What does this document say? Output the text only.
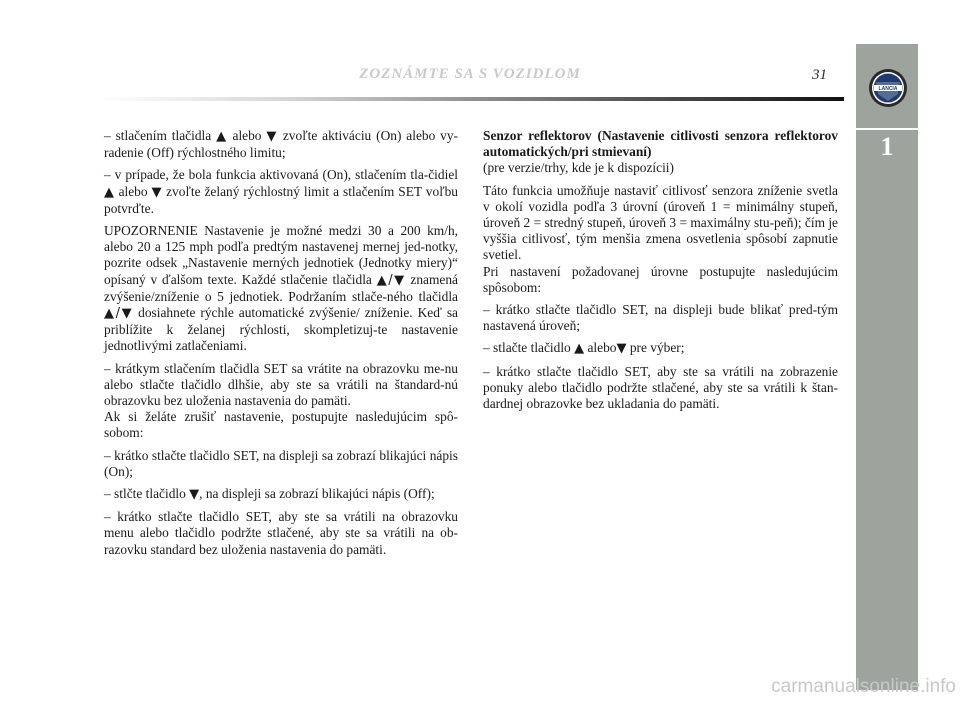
ZOZNÁMTE SA S VOZIDLOM	31
LANCIA
1

– stlačením tlačidla ▲ alebo ▼ zvoľte aktiváciu (On) alebo vy-radenie (Off) rýchlostného limitu;

– v prípade, že bola funkcia aktivovaná (On), stlačením tla-čidiel ▲ alebo ▼ zvoľte želaný rýchlostný limit a stlačením SET voľbu potvrďte.

UPOZORNENIE Nastavenie je možné medzi 30 a 200 km/h, alebo 20 a 125 mph podľa predtým nastavenej mernej jed-notky, pozrite odsek „Nastavenie merných jednotiek (Jednotky miery)“ opísaný v ďalšom texte. Každé stlačenie tlačidla ▲/▼ znamená zvýšenie/zníženie o 5 jednotiek. Podržaním stlače-ného tlačidla ▲/▼ dosiahnete rýchle automatické zvýšenie/ zníženie. Keď sa priblížite k želanej rýchlosti, skompletizuj-te nastavenie jednotlivými zatlačeniami.

– krátkym stlačením tlačidla SET sa vrátite na obrazovku me-nu alebo stlačte tlačidlo dlhšie, aby ste sa vrátili na štandard-nú obrazovku bez uloženia nastavenia do pamäti.

Ak si želáte zrušiť nastavenie, postupujte nasledujúcim spô-sobom:

– krátko stlačte tlačidlo SET, na displeji sa zobrazí blikajúci nápis (On);

– stlčte tlačidlo ▼, na displeji sa zobrazí blikajúci nápis (Off);

– krátko stlačte tlačidlo SET, aby ste sa vrátili na obrazovku menu alebo tlačidlo podržte stlačené, aby ste sa vrátili na ob-razovku standard bez uloženia nastavenia do pamäti.

Senzor reflektorov (Nastavenie citlivosti senzora reflektorov automatických/pri stmievaní)

(pre verzie/trhy, kde je k dispozícii)

Táto funkcia umožňuje nastaviť citlivosť senzora zníženie svetla v okolí vozidla podľa 3 úrovní (úroveň 1 = minimálny stupeň, úroveň 2 = stredný stupeň, úroveň 3 = maximálny stu-peň); čím je vyššia citlivosť, tým menšia zmena osvetlenia spôsobí zapnutie svetiel.

Pri nastavení požadovanej úrovne postupujte nasledujúcim spôsobom:

– krátko stlačte tlačidlo SET, na displeji bude blikať pred-tým nastavená úroveň;

– stlačte tlačidlo ▲ alebo▼ pre výber;

– krátko stlačte tlačidlo SET, aby ste sa vrátili na zobrazenie ponuky alebo tlačidlo podržte stlačené, aby ste sa vrátili k štan-dardnej obrazovke bez ukladania do pamäti.

carmanualsonline.info
